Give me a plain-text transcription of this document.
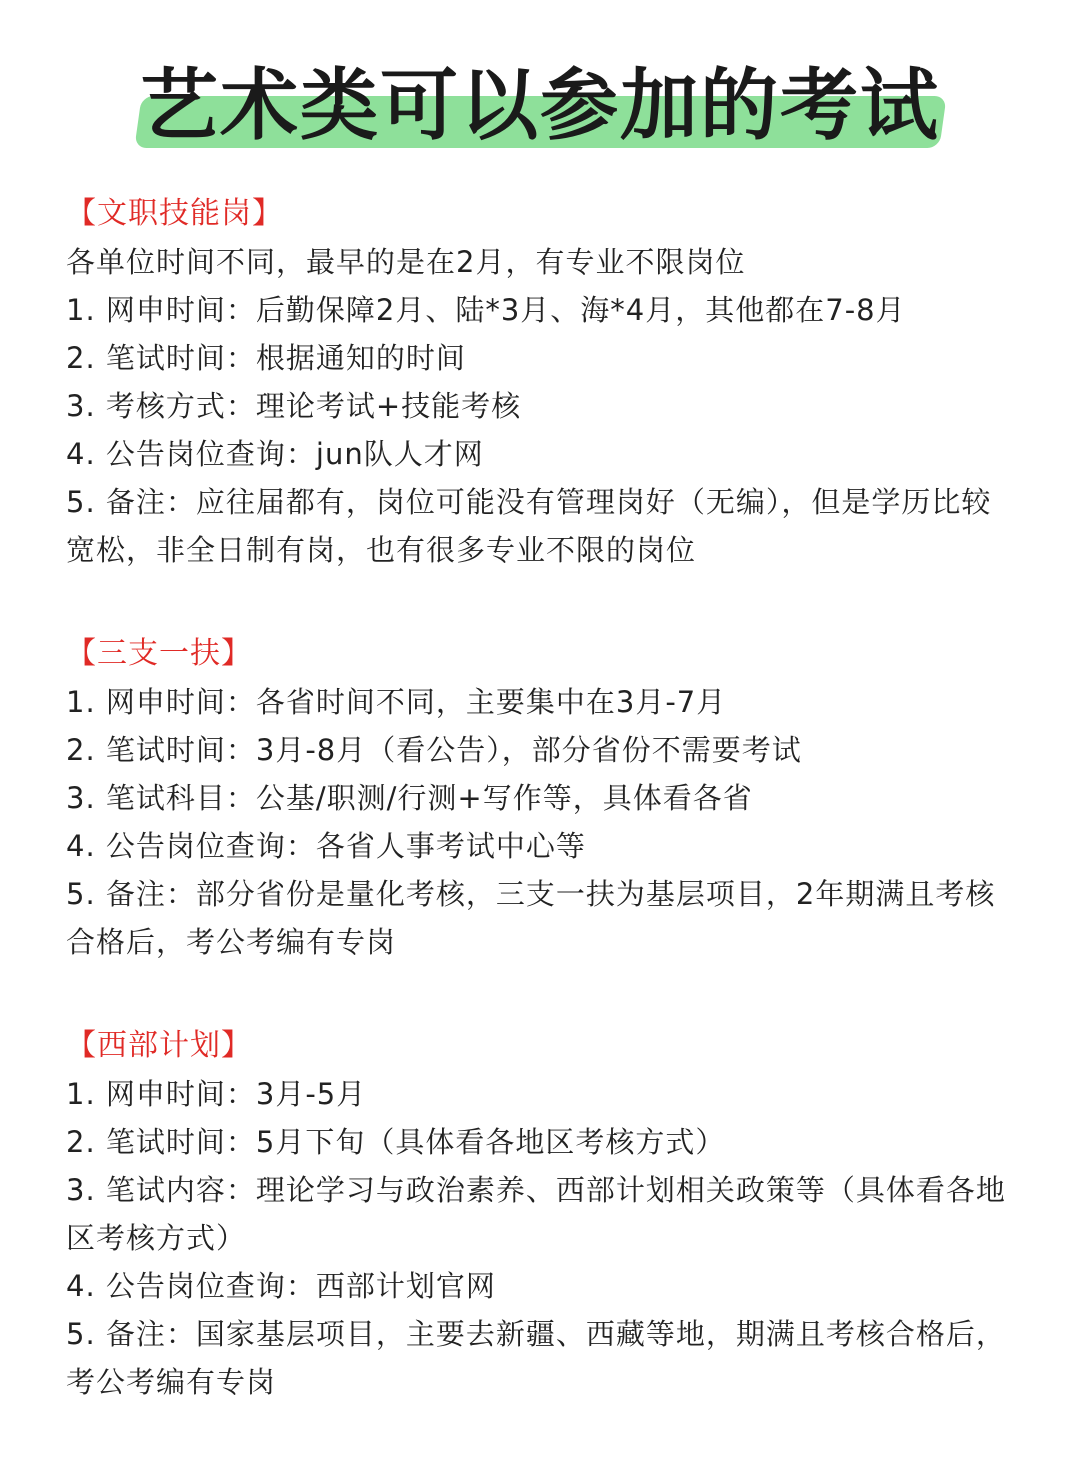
艺术类可以参加的考试

【文职技能岗】

各单位时间不同，最早的是在2月，有专业不限岗位

1. 网申时间：后勤保障2月、陆*3月、海*4月，其他都在7-8月

2. 笔试时间：根据通知的时间

3. 考核方式：理论考试+技能考核

4. 公告岗位查询：jun队人才网

5. 备注：应往届都有，岗位可能没有管理岗好（无编），但是学历比较宽松，非全日制有岗，也有很多专业不限的岗位

【三支一扶】

1. 网申时间：各省时间不同，主要集中在3月-7月

2. 笔试时间：3月-8月（看公告），部分省份不需要考试

3. 笔试科目：公基/职测/行测+写作等，具体看各省

4. 公告岗位查询：各省人事考试中心等

5. 备注：部分省份是量化考核，三支一扶为基层项目，2年期满且考核合格后，考公考编有专岗

【西部计划】

1. 网申时间：3月-5月

2. 笔试时间：5月下旬（具体看各地区考核方式）

3. 笔试内容：理论学习与政治素养、西部计划相关政策等（具体看各地区考核方式）

4. 公告岗位查询：西部计划官网

5. 备注：国家基层项目，主要去新疆、西藏等地，期满且考核合格后，考公考编有专岗
